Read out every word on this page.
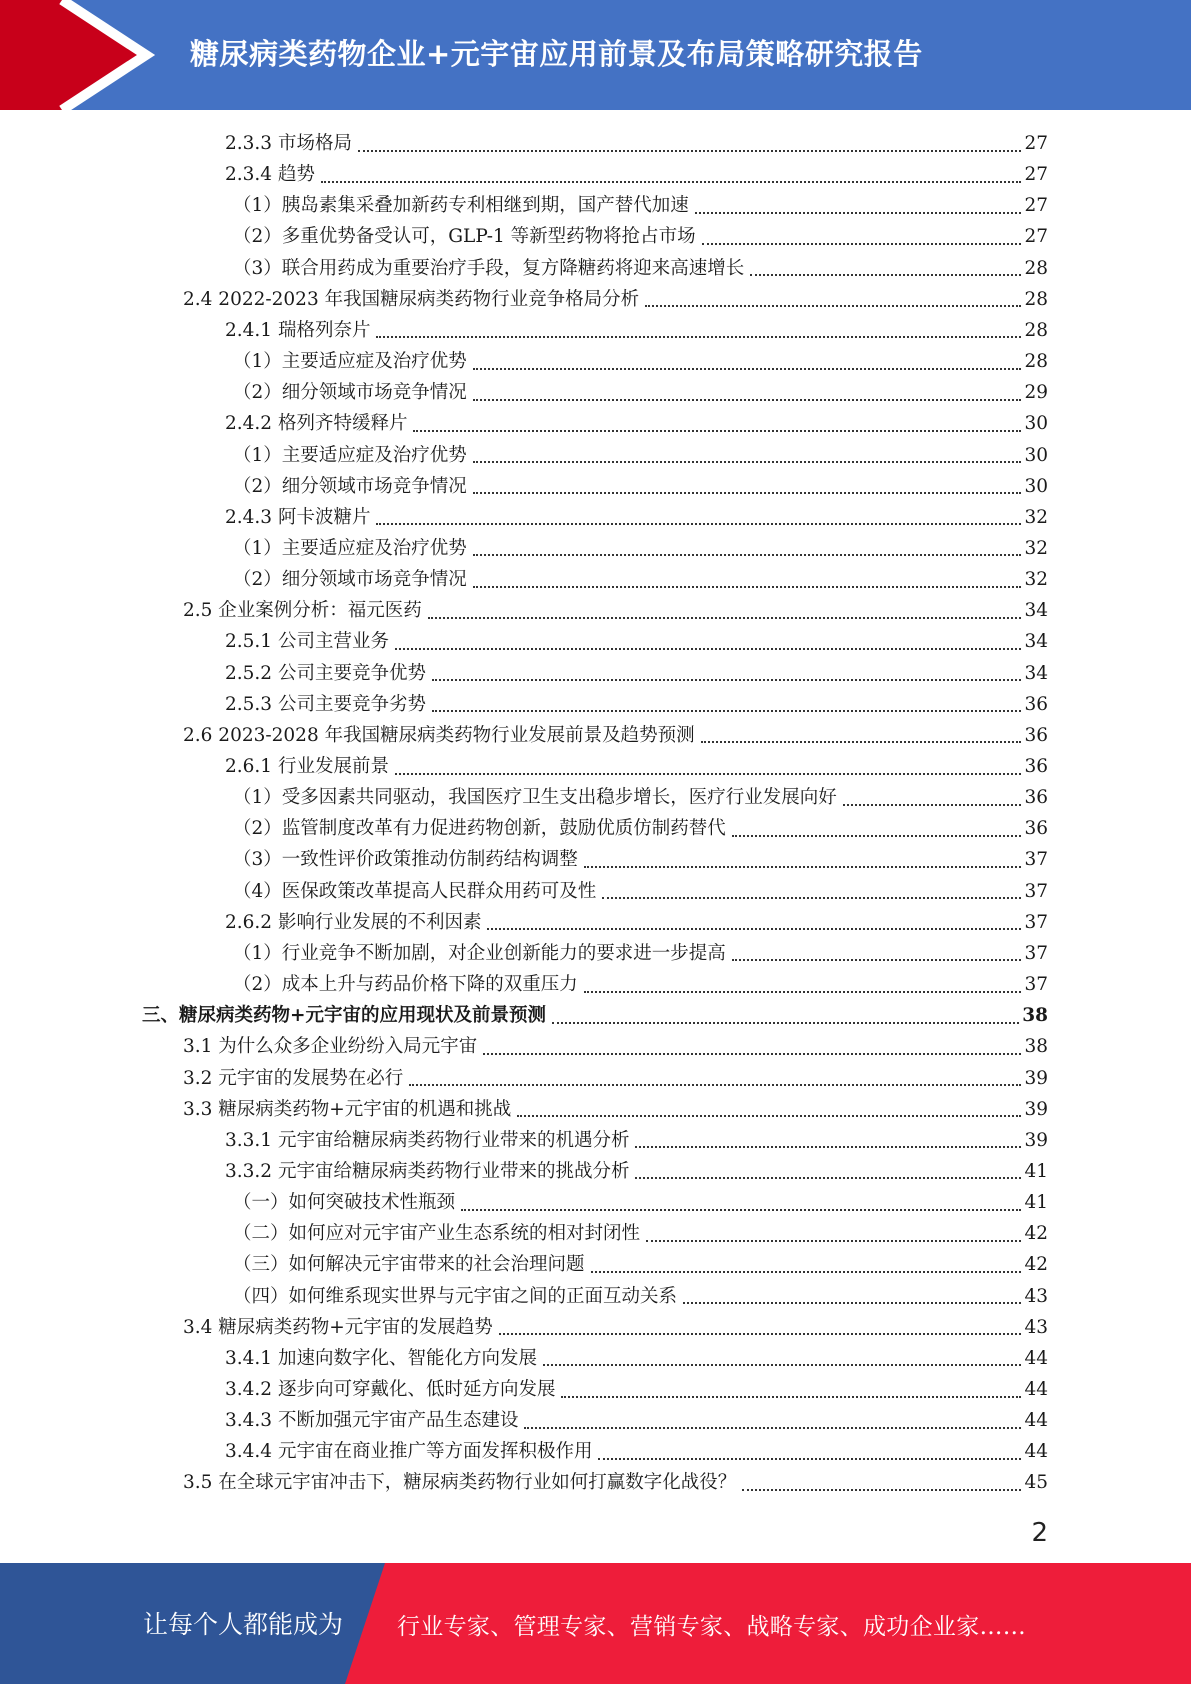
糖尿病类药物企业+元宇宙应用前景及布局策略研究报告
2.3.3 市场格局	27
2.3.4 趋势	27
（1）胰岛素集采叠加新药专利相继到期，国产替代加速	27
（2）多重优势备受认可，GLP-1 等新型药物将抢占市场	27
（3）联合用药成为重要治疗手段，复方降糖药将迎来高速增长	28
2.4 2022-2023 年我国糖尿病类药物行业竞争格局分析	28
2.4.1 瑞格列奈片	28
（1）主要适应症及治疗优势	28
（2）细分领域市场竞争情况	29
2.4.2 格列齐特缓释片	30
（1）主要适应症及治疗优势	30
（2）细分领域市场竞争情况	30
2.4.3 阿卡波糖片	32
（1）主要适应症及治疗优势	32
（2）细分领域市场竞争情况	32
2.5 企业案例分析：福元医药	34
2.5.1 公司主营业务	34
2.5.2 公司主要竞争优势	34
2.5.3 公司主要竞争劣势	36
2.6 2023-2028 年我国糖尿病类药物行业发展前景及趋势预测	36
2.6.1 行业发展前景	36
（1）受多因素共同驱动，我国医疗卫生支出稳步增长，医疗行业发展向好	36
（2）监管制度改革有力促进药物创新，鼓励优质仿制药替代	36
（3）一致性评价政策推动仿制药结构调整	37
（4）医保政策改革提高人民群众用药可及性	37
2.6.2 影响行业发展的不利因素	37
（1）行业竞争不断加剧，对企业创新能力的要求进一步提高	37
（2）成本上升与药品价格下降的双重压力	37
三、糖尿病类药物+元宇宙的应用现状及前景预测	38
3.1 为什么众多企业纷纷入局元宇宙	38
3.2 元宇宙的发展势在必行	39
3.3 糖尿病类药物+元宇宙的机遇和挑战	39
3.3.1 元宇宙给糖尿病类药物行业带来的机遇分析	39
3.3.2 元宇宙给糖尿病类药物行业带来的挑战分析	41
（一）如何突破技术性瓶颈	41
（二）如何应对元宇宙产业生态系统的相对封闭性	42
（三）如何解决元宇宙带来的社会治理问题	42
（四）如何维系现实世界与元宇宙之间的正面互动关系	43
3.4 糖尿病类药物+元宇宙的发展趋势	43
3.4.1 加速向数字化、智能化方向发展	44
3.4.2 逐步向可穿戴化、低时延方向发展	44
3.4.3 不断加强元宇宙产品生态建设	44
3.4.4 元宇宙在商业推广等方面发挥积极作用	44
3.5 在全球元宇宙冲击下，糖尿病类药物行业如何打赢数字化战役？	45
2
让每个人都能成为 行业专家、管理专家、营销专家、战略专家、成功企业家……
